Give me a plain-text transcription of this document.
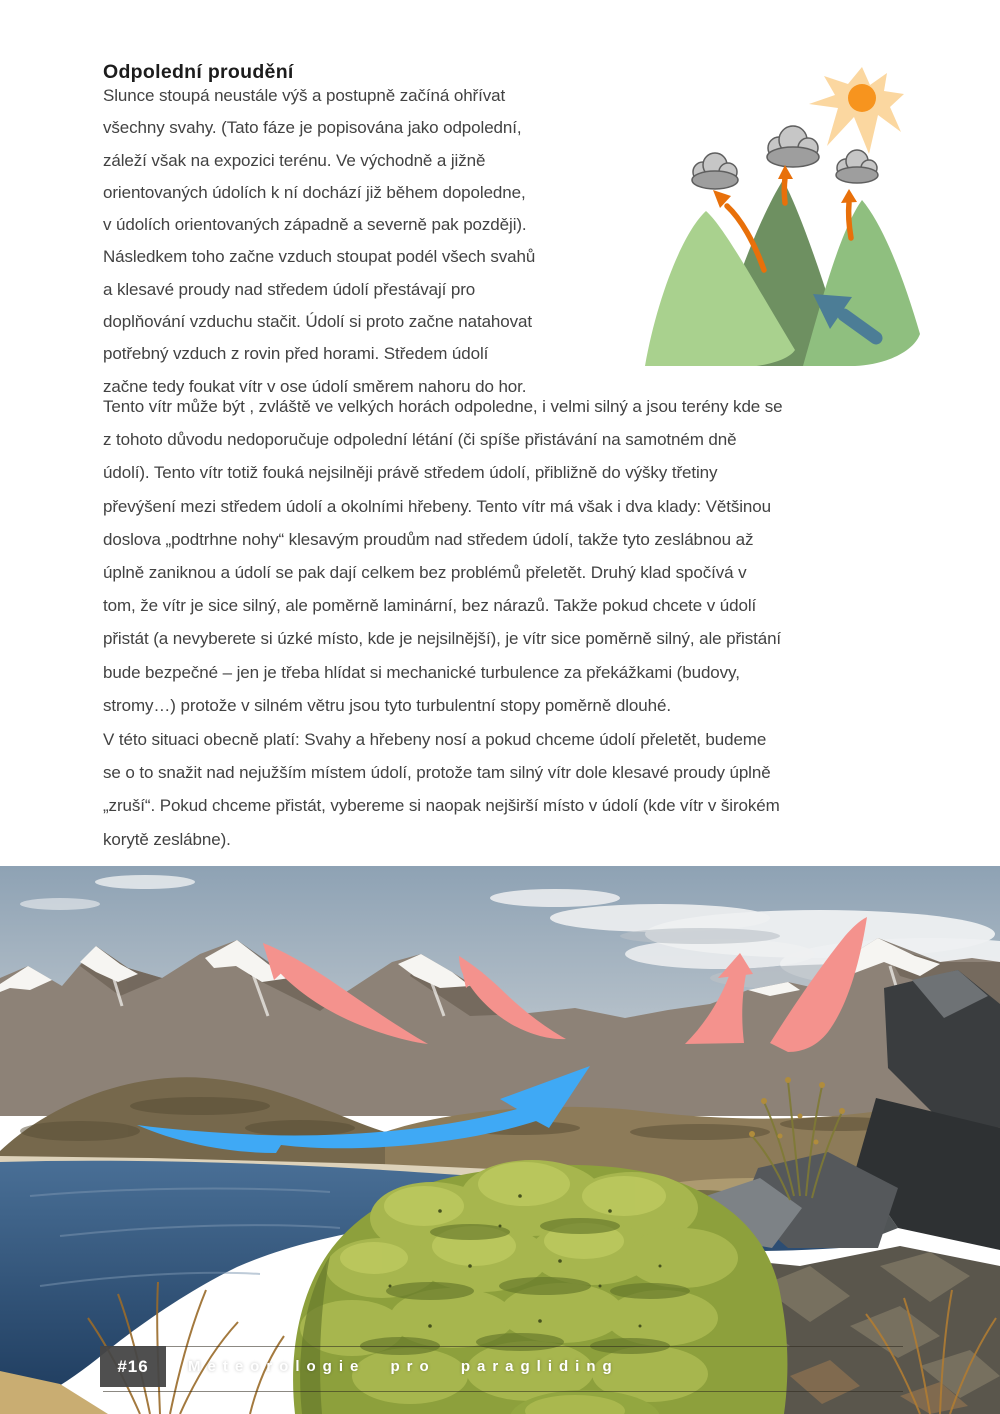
Odpolední proudění
Slunce stoupá neustále výš a postupně začíná ohřívat
všechny svahy. (Tato fáze je popisována jako odpolední,
záleží však na expozici terénu. Ve východně a jižně
orientovaných údolích k ní dochází již během dopoledne,
v údolích orientovaných západně a severně pak později).
Následkem toho začne vzduch stoupat podél všech svahů
a klesavé proudy nad středem údolí přestávají pro
doplňování vzduchu stačit. Údolí si proto začne natahovat
potřebný vzduch z rovin před horami. Středem údolí
začne tedy foukat vítr v ose údolí směrem nahoru do hor.
Tento vítr může být , zvláště ve velkých horách odpoledne, i velmi silný a jsou terény kde se
z tohoto důvodu nedoporučuje odpolední létání (či spíše přistávání na samotném dně
údolí). Tento vítr totiž fouká nejsilněji právě středem údolí, přibližně do výšky třetiny
převýšení mezi středem údolí a okolními hřebeny. Tento vítr má však i dva klady: Většinou
doslova „podtrhne nohy“ klesavým proudům nad středem údolí, takže tyto zeslábnou až
úplně zaniknou a údolí se pak dají celkem bez problémů přeletět. Druhý klad spočívá v
tom, že vítr je sice silný, ale poměrně laminární, bez nárazů. Takže pokud chcete v údolí
přistát (a nevyberete si úzké místo, kde je nejsilnější), je vítr sice poměrně silný, ale přistání
bude bezpečné – jen je třeba hlídat si mechanické turbulence za překážkami (budovy,
stromy…) protože v silném větru jsou tyto turbulentní stopy poměrně dlouhé.
V této situaci obecně platí: Svahy a hřebeny nosí a pokud chceme údolí přeletět, budeme
se o to snažit nad nejužším místem údolí, protože tam silný vítr dole klesavé proudy úplně
„zruší“. Pokud chceme přistát, vybereme si naopak nejširší místo v údolí (kde vítr v širokém
korytě zeslábne).
#16	Meteorologie pro paragliding
